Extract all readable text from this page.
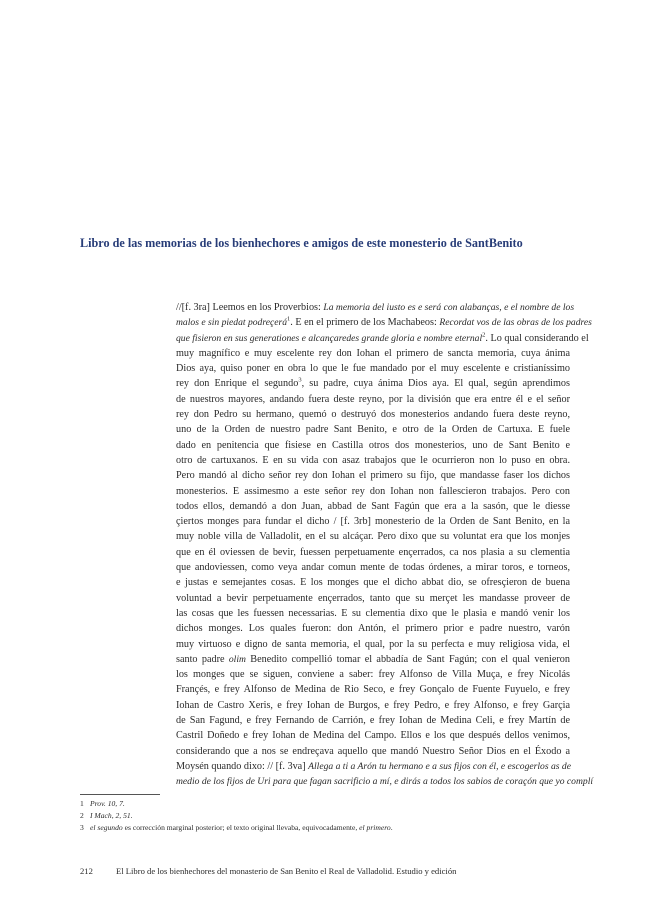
Libro de las memorias de los bienhechores e amigos de este monesterio de SantBenito
//[f. 3ra] Leemos en los Proverbios: La memoria del iusto es e será con alabanças, e el nombre de los
malos e sin piedat podreçerá$^1$. E en el primero de los Machabeos: Recordat vos de las obras de los padres
que fisieron en sus generationes e alcançaredes grande gloria e nombre eternal$^2$. Lo qual considerando el
muy magnífico e muy escelente rey don Iohan el primero de sancta memoria, cuya ánima
Dios aya, quiso poner en obra lo que le fue mandado por el muy escelente e cristianíssimo
rey don Enrique el segundo$^3$, su padre, cuya ánima Dios aya. El qual, según aprendimos
de nuestros mayores, andando fuera deste reyno, por la división que era entre él e el señor
rey don Pedro su hermano, quemó o destruyó dos monesterios andando fuera deste reyno,
uno de la Orden de nuestro padre Sant Benito, e otro de la Orden de Cartuxa. E fuele
dado en penitencia que fisiese en Castilla otros dos monesterios, uno de Sant Benito e
otro de cartuxanos. E en su vida con asaz trabajos que le ocurrieron non lo puso en obra.
Pero mandó al dicho señor rey don Iohan el primero su fijo, que mandasse faser los dichos
monesterios. E assimesmo a este señor rey don Iohan non fallescieron trabajos. Pero con
todos ellos, demandó a don Juan, abbad de Sant Fagún que era a la sasón, que le diesse
çiertos monges para fundar el dicho / [f. 3rb] monesterio de la Orden de Sant Benito, en la
muy noble villa de Valladolit, en el su alcáçar. Pero dixo que su voluntat era que los monjes
que en él oviessen de bevir, fuessen perpetuamente ençerrados, ca nos plasia a su clementia
que andoviessen, como veya andar comun mente de todas órdenes, a mirar toros, e torneos,
e justas e semejantes cosas. E los monges que el dicho abbat dio, se ofresçieron de buena
voluntad a bevir perpetuamente ençerrados, tanto que su merçet les mandasse proveer de
las cosas que les fuessen necessarias. E su clementia dixo que le plasia e mandó venir los
dichos monges. Los quales fueron: don Antón, el primero prior e padre nuestro, varón
muy virtuoso e digno de santa memoria, el qual, por la su perfecta e muy religiosa vida, el
santo padre olim Benedito compellió tomar el abbadía de Sant Fagún; con el qual venieron
los monges que se siguen, conviene a saber: frey Alfonso de Villa Muça, e frey Nicolás
Françés, e frey Alfonso de Medina de Rio Seco, e frey Gonçalo de Fuente Fuyuelo, e frey
Iohan de Castro Xeris, e frey Iohan de Burgos, e frey Pedro, e frey Alfonso, e frey Garçia
de San Fagund, e frey Fernando de Carrión, e frey Iohan de Medina Celi, e frey Martín de
Castril Doñedo e frey Iohan de Medina del Campo. Ellos e los que después dellos venimos,
considerando que a nos se endreçava aquello que mandó Nuestro Señor Dios en el Éxodo a
Moysén quando dixo: // [f. 3va] Allega a ti a Arón tu hermano e a sus fijos con él, e escogerlos as de
medio de los fijos de Uri para que fagan sacrificio a mí, e dirás a todos los sabios de coraçón que yo complí
1 Prov. 10, 7.
2 I Mach, 2, 51.
3 el segundo es corrección marginal posterior; el texto original llevaba, equivocadamente, el primero.
212	El Libro de los bienhechores del monasterio de San Benito el Real de Valladolid. Estudio y edición
